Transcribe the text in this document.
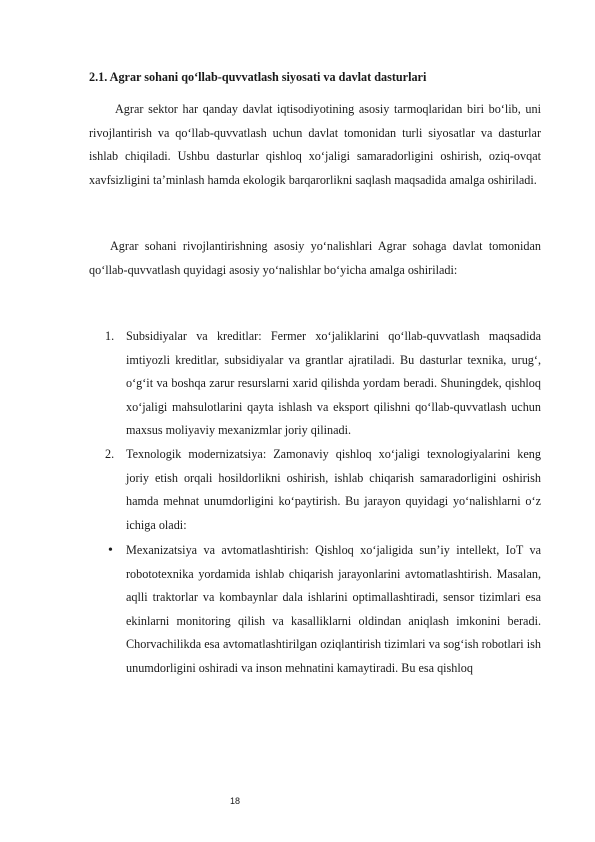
2.1. Agrar sohani qo‘llab-quvvatlash siyosati va davlat dasturlari

Agrar sektor har qanday davlat iqtisodiyotining asosiy tarmoqlaridan biri bo‘lib, uni rivojlantirish va qo‘llab-quvvatlash uchun davlat tomonidan turli siyosatlar va dasturlar ishlab chiqiladi. Ushbu dasturlar qishloq xo‘jaligi samaradorligini oshirish, oziq-ovqat xavfsizligini ta’minlash hamda ekologik barqarorlikni saqlash maqsadida amalga oshiriladi.

Agrar sohani rivojlantirishning asosiy yo‘nalishlari Agrar sohaga davlat tomonidan qo‘llab-quvvatlash quyidagi asosiy yo‘nalishlar bo‘yicha amalga oshiriladi:

1. Subsidiyalar va kreditlar: Fermer xo‘jaliklarini qo‘llab-quvvatlash maqsadida imtiyozli kreditlar, subsidiyalar va grantlar ajratiladi. Bu dasturlar texnika, urug‘, o‘g‘it va boshqa zarur resurslarni xarid qilishda yordam beradi. Shuningdek, qishloq xo‘jaligi mahsulotlarini qayta ishlash va eksport qilishni qo‘llab-quvvatlash uchun maxsus moliyaviy mexanizmlar joriy qilinadi.
2. Texnologik modernizatsiya: Zamonaviy qishloq xo‘jaligi texnologiyalarini keng joriy etish orqali hosildorlikni oshirish, ishlab chiqarish samaradorligini oshirish hamda mehnat unumdorligini ko‘paytirish. Bu jarayon quyidagi yo‘nalishlarni o‘z ichiga oladi:
• Mexanizatsiya va avtomatlashtirish: Qishloq xo‘jaligida sun’iy intellekt, IoT va robototexnika yordamida ishlab chiqarish jarayonlarini avtomatlashtirish. Masalan, aqlli traktorlar va kombaynlar dala ishlarini optimallashtiradi, sensor tizimlari esa ekinlarni monitoring qilish va kasalliklarni oldindan aniqlash imkonini beradi. Chorvachilikda esa avtomatlashtirilgan oziqlantirish tizimlari va sog‘ish robotlari ish unumdorligini oshiradi va inson mehnatini kamaytiradi. Bu esa qishloq
18
